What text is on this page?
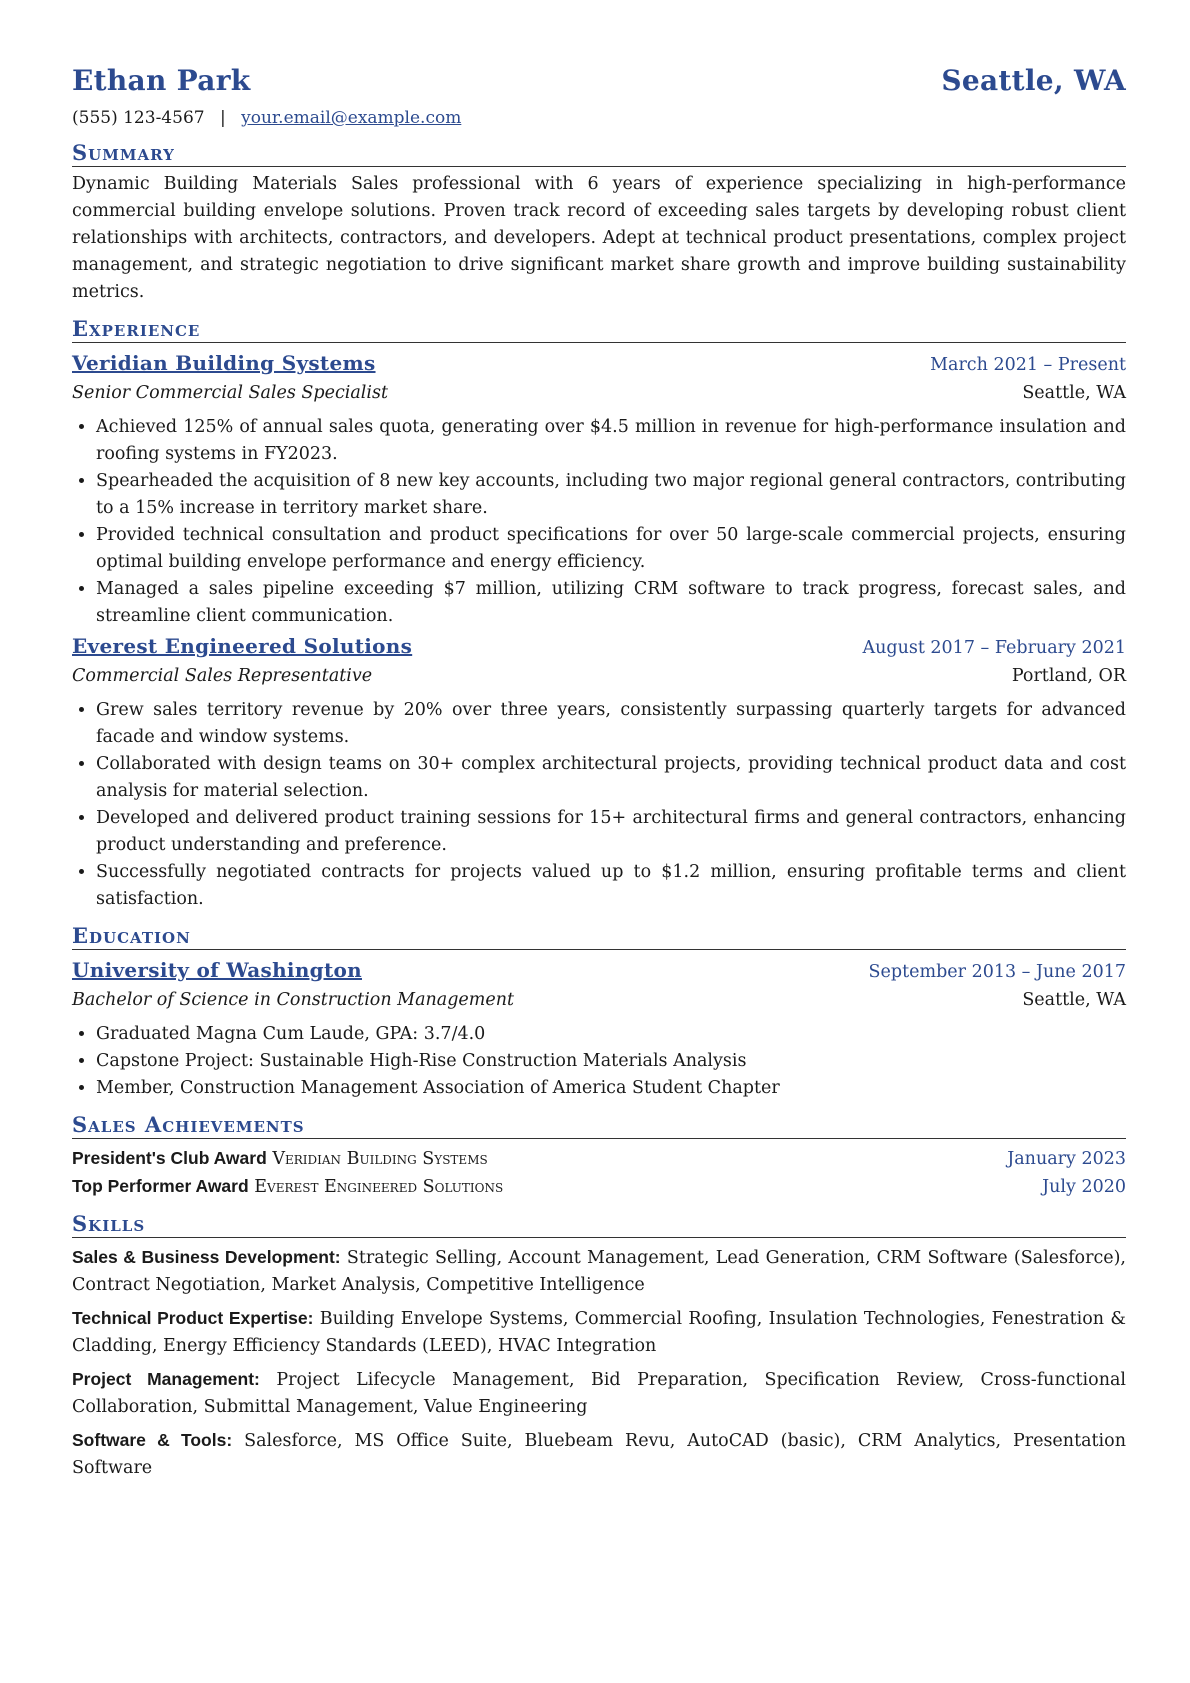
Ethan Park	Seattle, WA
(555) 123-4567 | your.email@example.com
Summary
Dynamic Building Materials Sales professional with 6 years of experience specializing in high-performance commercial building envelope solutions. Proven track record of exceeding sales targets by developing robust client relationships with architects, contractors, and developers. Adept at technical product presentations, complex project management, and strategic negotiation to drive significant market share growth and improve building sustainability metrics.
Experience
Veridian Building Systems	March 2021 – Present
Senior Commercial Sales Specialist	Seattle, WA
• Achieved 125% of annual sales quota, generating over $4.5 million in revenue for high-performance insulation and roofing systems in FY2023.
• Spearheaded the acquisition of 8 new key accounts, including two major regional general contractors, contributing to a 15% increase in territory market share.
• Provided technical consultation and product specifications for over 50 large-scale commercial projects, ensuring optimal building envelope performance and energy efficiency.
• Managed a sales pipeline exceeding $7 million, utilizing CRM software to track progress, forecast sales, and streamline client communication.
Everest Engineered Solutions	August 2017 – February 2021
Commercial Sales Representative	Portland, OR
• Grew sales territory revenue by 20% over three years, consistently surpassing quarterly targets for advanced facade and window systems.
• Collaborated with design teams on 30+ complex architectural projects, providing technical product data and cost analysis for material selection.
• Developed and delivered product training sessions for 15+ architectural firms and general contractors, enhancing product understanding and preference.
• Successfully negotiated contracts for projects valued up to $1.2 million, ensuring profitable terms and client satisfaction.
Education
University of Washington	September 2013 – June 2017
Bachelor of Science in Construction Management	Seattle, WA
• Graduated Magna Cum Laude, GPA: 3.7/4.0
• Capstone Project: Sustainable High-Rise Construction Materials Analysis
• Member, Construction Management Association of America Student Chapter
Sales Achievements
President's Club Award Veridian Building Systems	January 2023
Top Performer Award Everest Engineered Solutions	July 2020
Skills
Sales & Business Development: Strategic Selling, Account Management, Lead Generation, CRM Software (Salesforce), Contract Negotiation, Market Analysis, Competitive Intelligence
Technical Product Expertise: Building Envelope Systems, Commercial Roofing, Insulation Technologies, Fenestration & Cladding, Energy Efficiency Standards (LEED), HVAC Integration
Project Management: Project Lifecycle Management, Bid Preparation, Specification Review, Cross-functional Collaboration, Submittal Management, Value Engineering
Software & Tools: Salesforce, MS Office Suite, Bluebeam Revu, AutoCAD (basic), CRM Analytics, Presentation Software
